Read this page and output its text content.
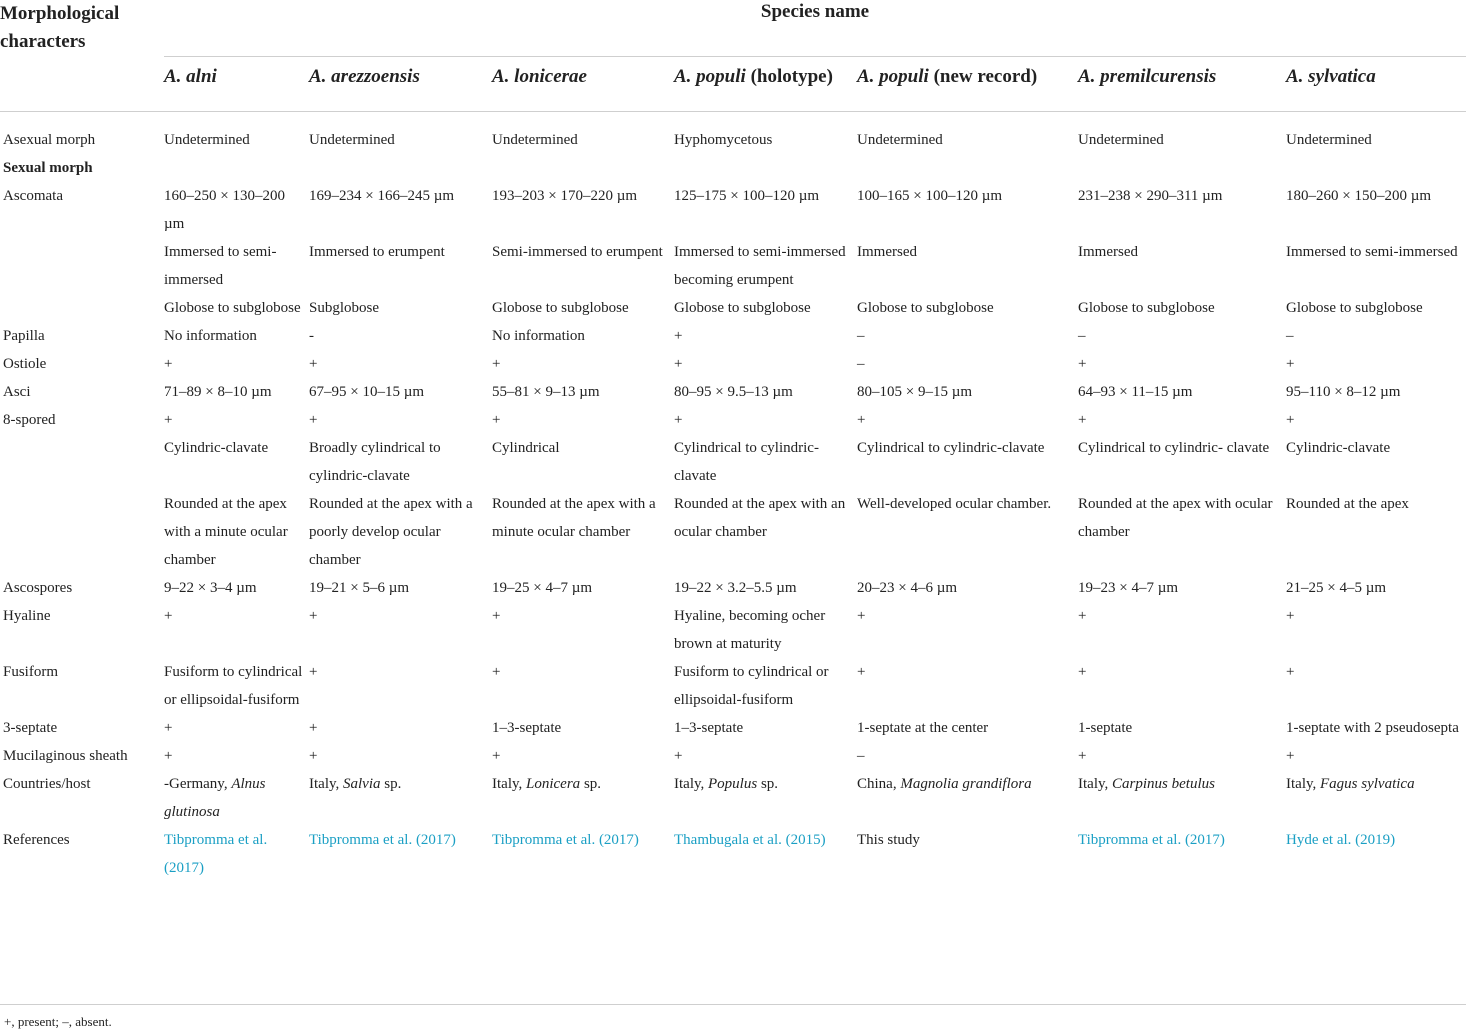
Morphological characters	Species name						
	A. alni	A. arezzoensis	A. lonicerae	A. populi (holotype)	A. populi (new record)	A. premilcurensis	A. sylvatica
Asexual morph	Undetermined	Undetermined	Undetermined	Hyphomycetous	Undetermined	Undetermined	Undetermined
Sexual morph							
Ascomata	160–250 × 130–200 µm	169–234 × 166–245 µm	193–203 × 170–220 µm	125–175 × 100–120 µm	100–165 × 100–120 µm	231–238 × 290–311 µm	180–260 × 150–200 µm
	Immersed to semi-immersed	Immersed to erumpent	Semi-immersed to erumpent	Immersed to semi-immersed becoming erumpent	Immersed	Immersed	Immersed to semi-immersed
	Globose to subglobose	Subglobose	Globose to subglobose	Globose to subglobose	Globose to subglobose	Globose to subglobose	Globose to subglobose
Papilla	No information	-	No information	+	–	–	–
Ostiole	+	+	+	+	–	+	+
Asci	71–89 × 8–10 µm	67–95 × 10–15 µm	55–81 × 9–13 µm	80–95 × 9.5–13 µm	80–105 × 9–15 µm	64–93 × 11–15 µm	95–110 × 8–12 µm
8-spored	+	+	+	+	+	+	+
	Cylindric-clavate	Broadly cylindrical to cylindric-clavate	Cylindrical	Cylindrical to cylindric-clavate	Cylindrical to cylindric-clavate	Cylindrical to cylindric- clavate	Cylindric-clavate
	Rounded at the apex with a minute ocular chamber	Rounded at the apex with a poorly develop ocular chamber	Rounded at the apex with a minute ocular chamber	Rounded at the apex with an ocular chamber	Well-developed ocular chamber.	Rounded at the apex with ocular chamber	Rounded at the apex
Ascospores	9–22 × 3–4 µm	19–21 × 5–6 µm	19–25 × 4–7 µm	19–22 × 3.2–5.5 µm	20–23 × 4–6 µm	19–23 × 4–7 µm	21–25 × 4–5 µm
Hyaline	+	+	+	Hyaline, becoming ocher brown at maturity	+	+	+
Fusiform	Fusiform to cylindrical or ellipsoidal-fusiform	+	+	Fusiform to cylindrical or ellipsoidal-fusiform	+	+	+
3-septate	+	+	1–3-septate	1–3-septate	1-septate at the center	1-septate	1-septate with 2 pseudosepta
Mucilaginous sheath	+	+	+	+	–	+	+
Countries/host	-Germany, Alnus glutinosa	Italy, Salvia sp.	Italy, Lonicera sp.	Italy, Populus sp.	China, Magnolia grandiflora	Italy, Carpinus betulus	Italy, Fagus sylvatica
References	Tibpromma et al. (2017)	Tibpromma et al. (2017)	Tibpromma et al. (2017)	Thambugala et al. (2015)	This study	Tibpromma et al. (2017)	Hyde et al. (2019)
+, present; –, absent.
